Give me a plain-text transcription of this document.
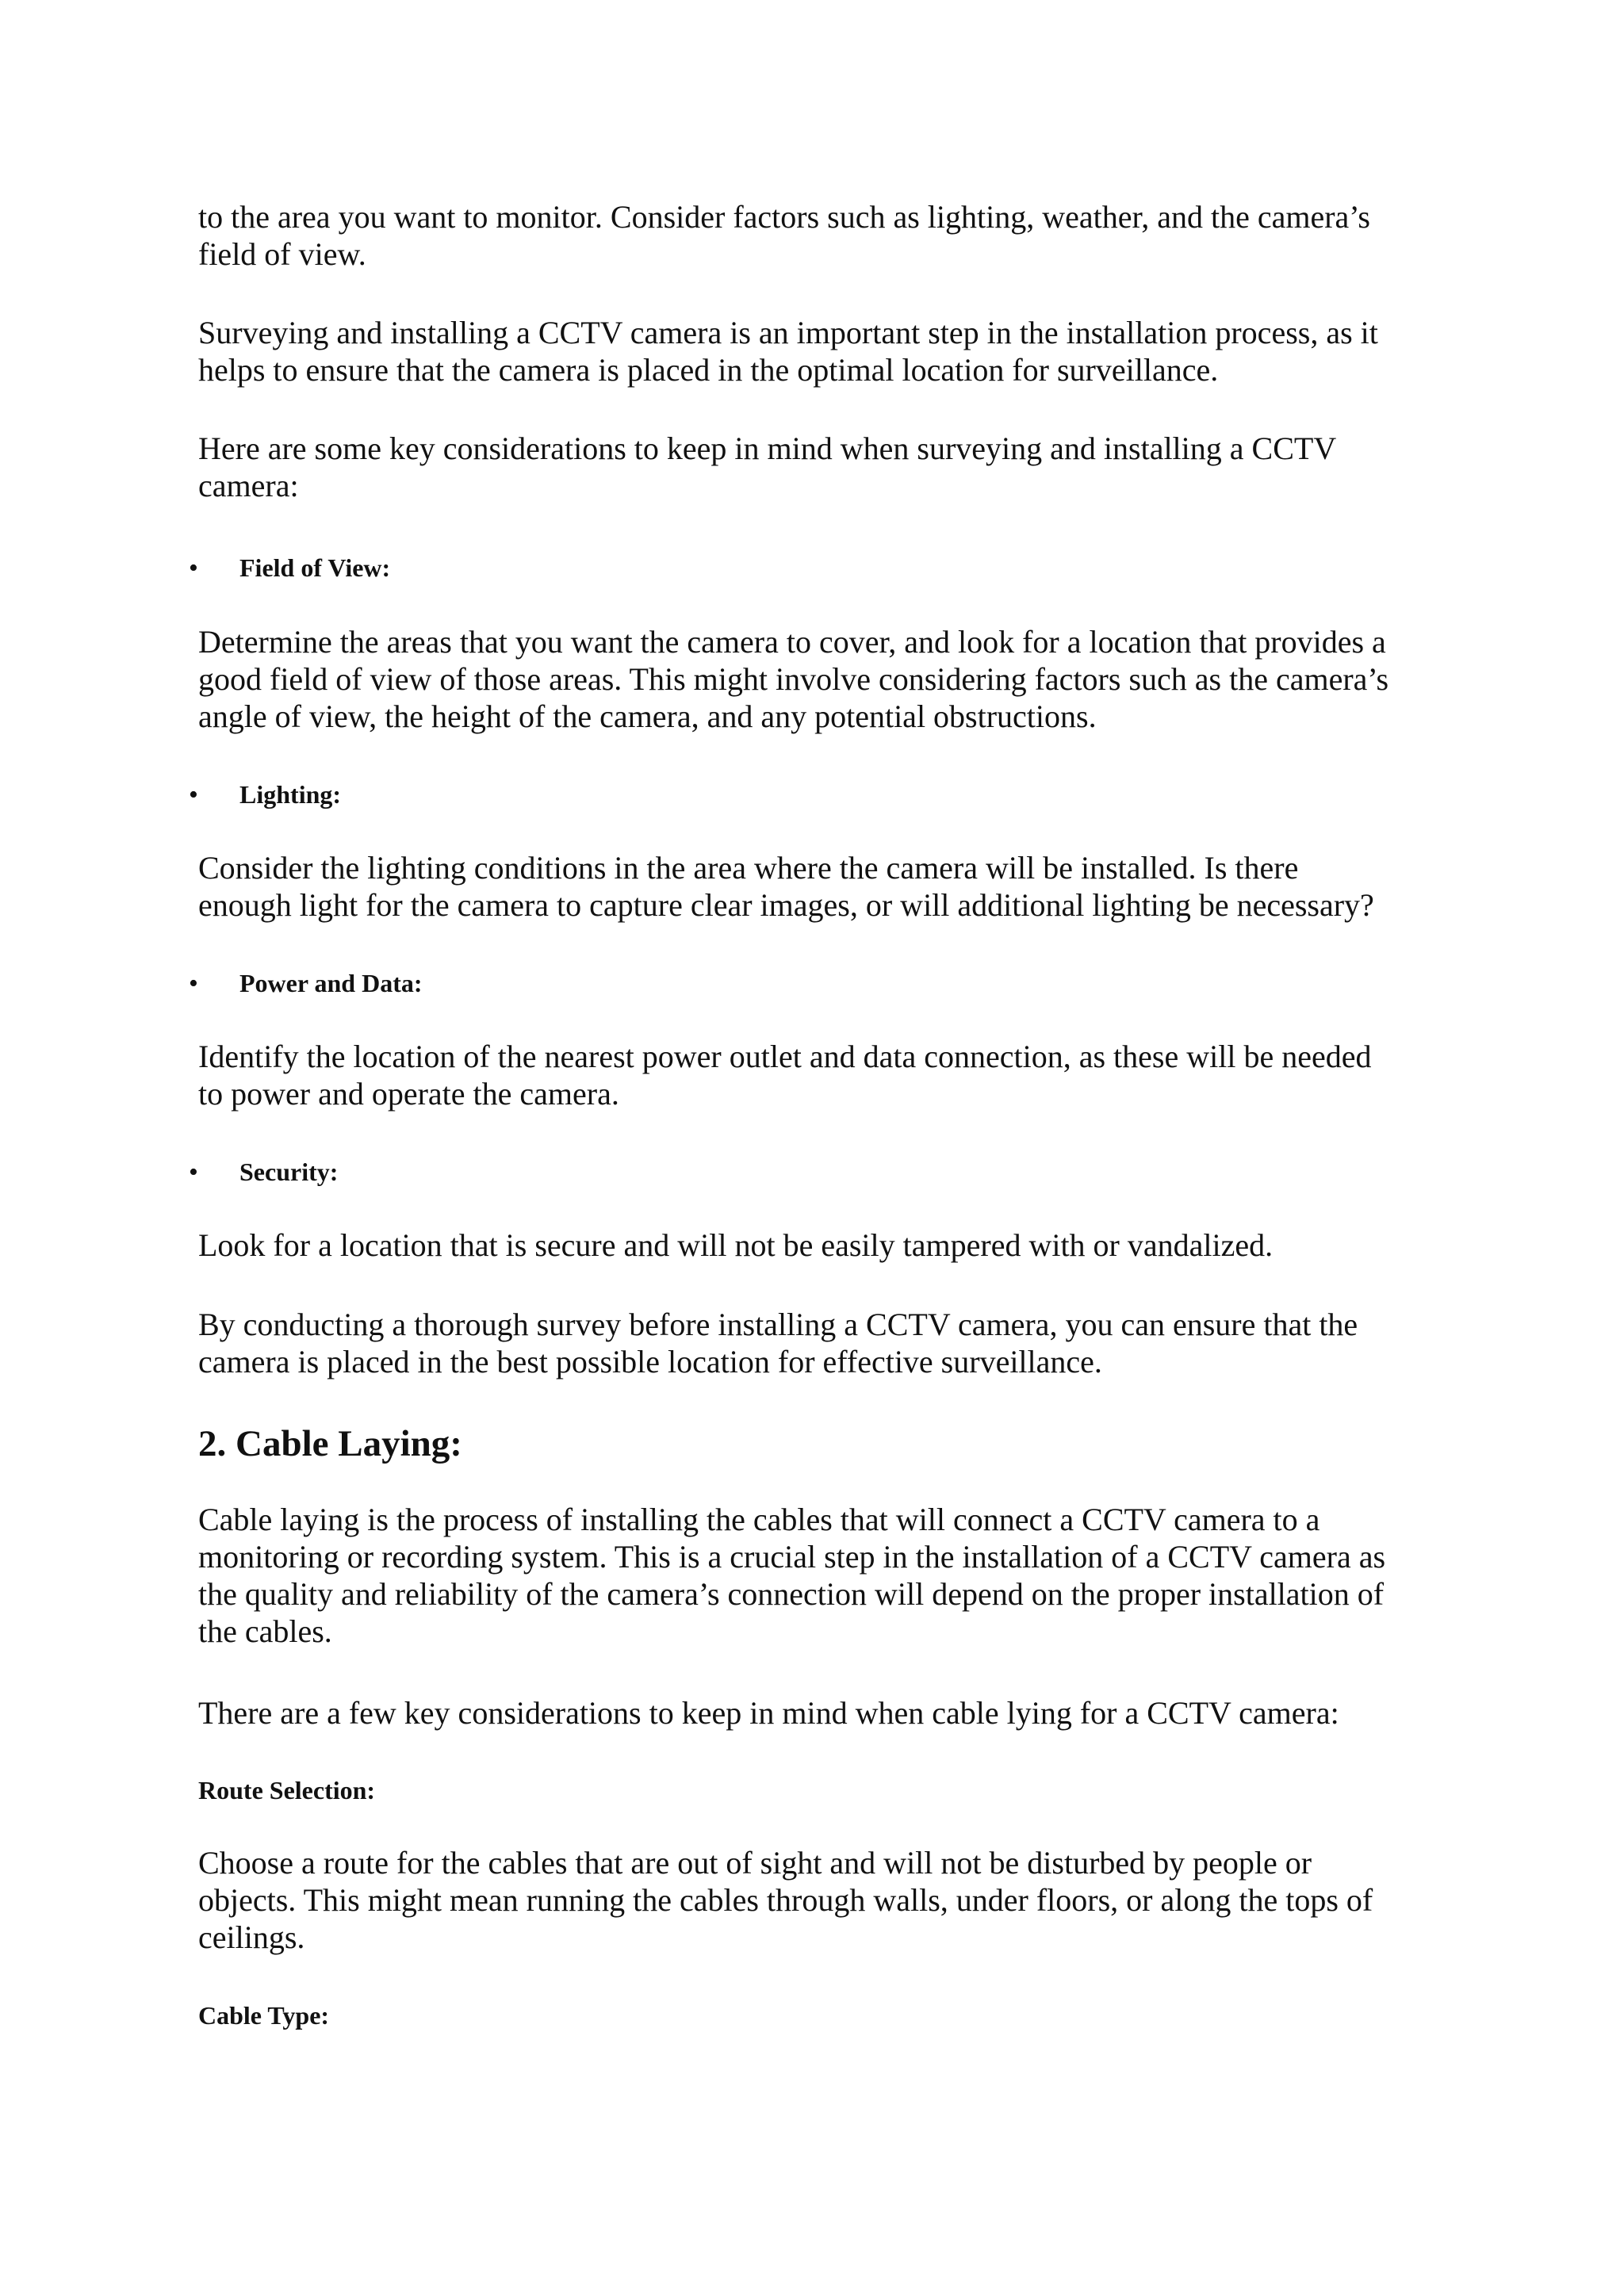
to the area you want to monitor. Consider factors such as lighting, weather, and the camera’s
field of view.

Surveying and installing a CCTV camera is an important step in the installation process, as it
helps to ensure that the camera is placed in the optimal location for surveillance.

Here are some key considerations to keep in mind when surveying and installing a CCTV
camera:

• Field of View:

Determine the areas that you want the camera to cover, and look for a location that provides a
good field of view of those areas. This might involve considering factors such as the camera’s
angle of view, the height of the camera, and any potential obstructions.

• Lighting:

Consider the lighting conditions in the area where the camera will be installed. Is there
enough light for the camera to capture clear images, or will additional lighting be necessary?

• Power and Data:

Identify the location of the nearest power outlet and data connection, as these will be needed
to power and operate the camera.

• Security:

Look for a location that is secure and will not be easily tampered with or vandalized.

By conducting a thorough survey before installing a CCTV camera, you can ensure that the
camera is placed in the best possible location for effective surveillance.

2. Cable Laying:

Cable laying is the process of installing the cables that will connect a CCTV camera to a
monitoring or recording system. This is a crucial step in the installation of a CCTV camera as
the quality and reliability of the camera’s connection will depend on the proper installation of
the cables.

There are a few key considerations to keep in mind when cable lying for a CCTV camera:

Route Selection:

Choose a route for the cables that are out of sight and will not be disturbed by people or
objects. This might mean running the cables through walls, under floors, or along the tops of
ceilings.

Cable Type:
